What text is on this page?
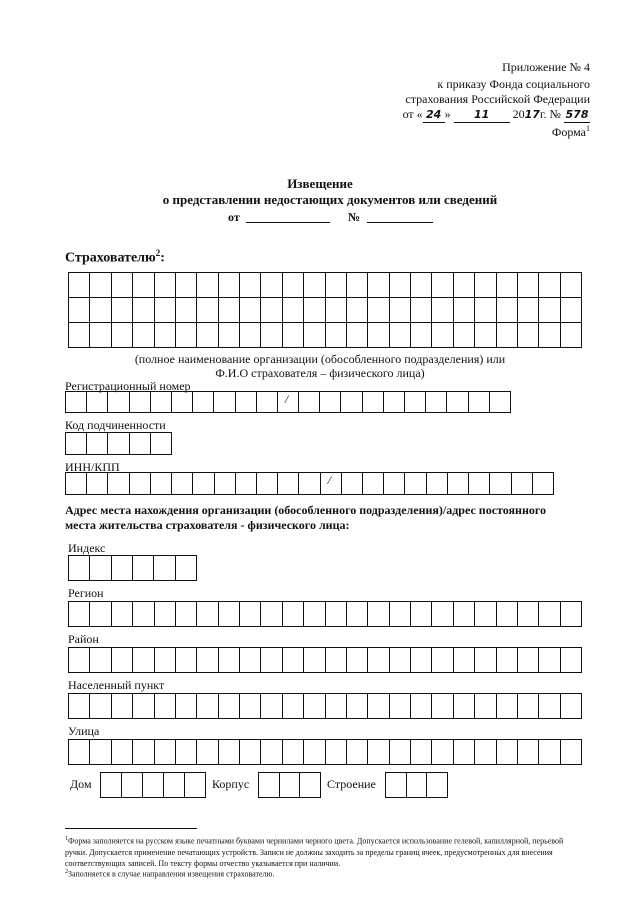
Приложение № 4
к приказу Фонда социального
страхования Российской Федерации
от « 24 » 11 2017г. № 578
Форма$^1$
Извещение
о представлении недостающих документов или сведений
от	№
Страхователю$^2$:
(полное наименование организации (обособленного подразделения) или
Ф.И.О страхователя – физического лица)
Регистрационный номер
/
Код подчиненности
ИНН/КПП
/
Адрес места нахождения организации (обособленного подразделения)/адрес постоянного
места жительства страхователя - физического лица:
Индекс
Регион
Район
Населенный пункт
Улица
Дом	Корпус	Строение
$^1$Форма заполняется на русском языке печатными буквами чернилами черного цвета. Допускается использование гелевой, капиллярной, перьевой ручки. Допускается применение печатающих устройств. Записи не должны заходить за пределы границ ячеек, предусмотренных для внесения соответствующих записей. По тексту формы отчество указывается при наличии.
$^2$Заполняется в случае направления извещения страхователю.
